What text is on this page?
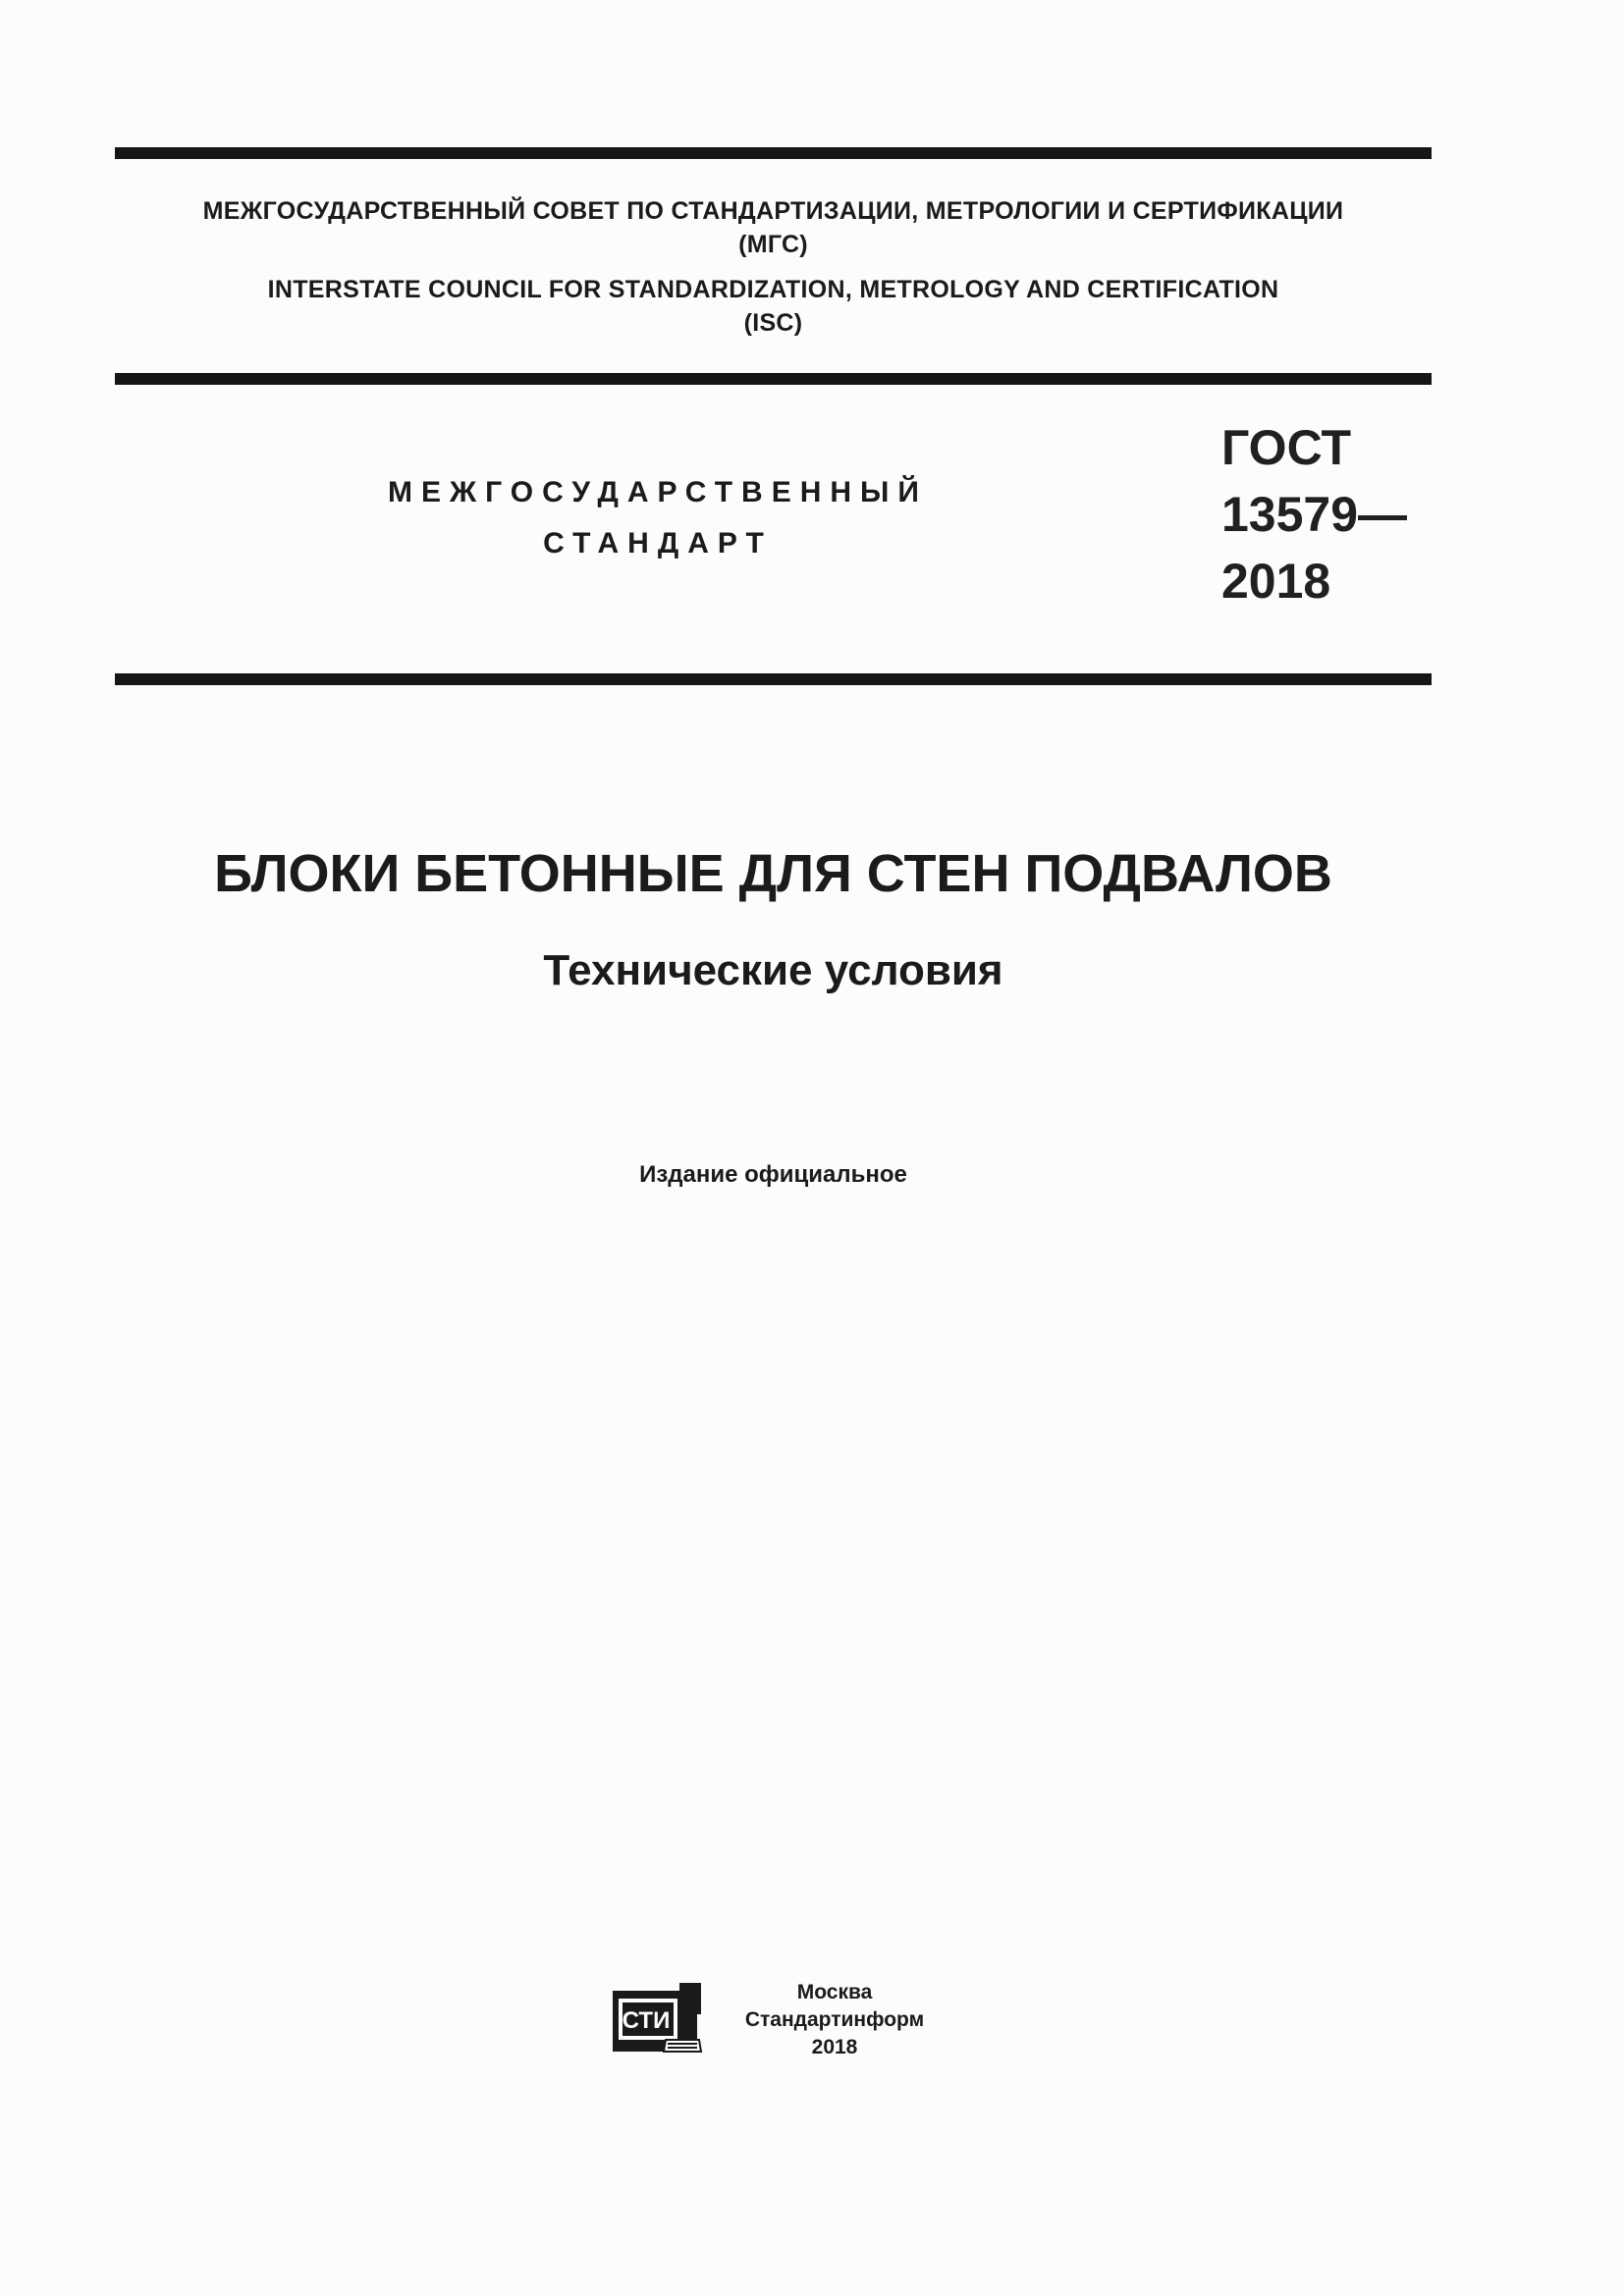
МЕЖГОСУДАРСТВЕННЫЙ СОВЕТ ПО СТАНДАРТИЗАЦИИ, МЕТРОЛОГИИ И СЕРТИФИКАЦИИ
(МГС)
INTERSTATE COUNCIL FOR STANDARDIZATION, METROLOGY AND CERTIFICATION
(ISC)
МЕЖГОСУДАРСТВЕННЫЙ
СТАНДАРТ
ГОСТ
13579—
2018
БЛОКИ БЕТОННЫЕ ДЛЯ СТЕН ПОДВАЛОВ
Технические условия
Издание официальное
СТИ
Москва
Стандартинформ
2018
